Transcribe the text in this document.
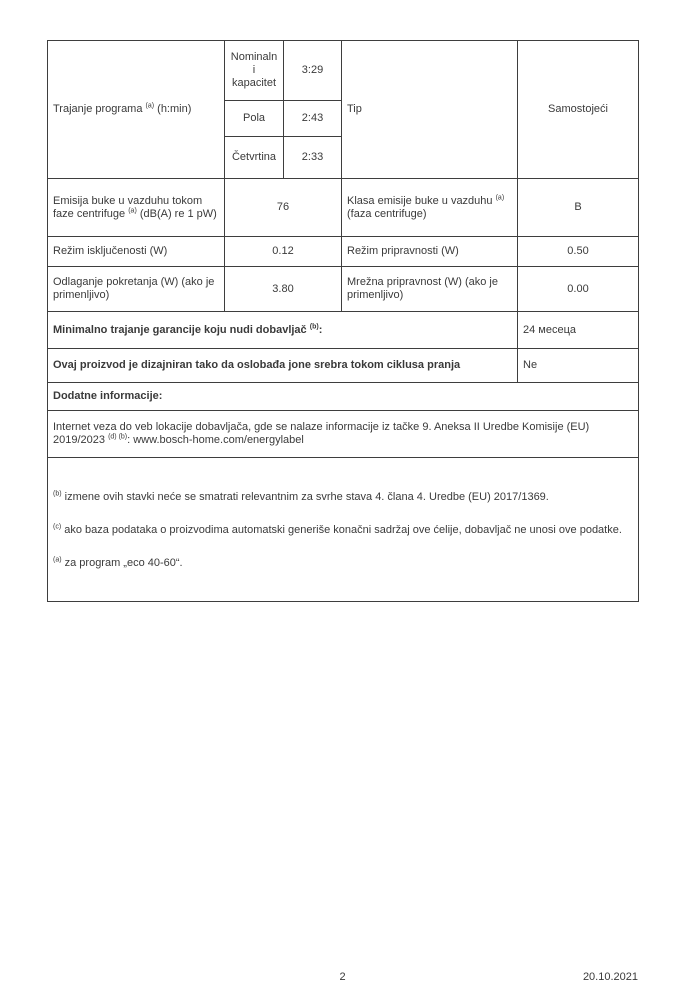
Trajanje programa $^{(a)}$ (h:min)	Nominalni kapacitet	3:29	Tip	Samostojeći
	Pola	2:43		
	Četvrtina	2:33		
Emisija buke u vazduhu tokom faze centrifuge $^{(a)}$ (dB(A) re 1 pW)	76		Klasa emisije buke u vazduhu $^{(a)}$ (faza centrifuge)	B
Režim isključenosti (W)	0.12		Režim pripravnosti (W)	0.50
Odlaganje pokretanja (W) (ako je primenljivo)	3.80		Mrežna pripravnost (W) (ako je primenljivo)	0.00
Minimalno trajanje garancije koju nudi dobavljač $^{(b)}$:				24 месеца
Ovaj proizvod je dizajniran tako da oslobađa jone srebra tokom ciklusa pranja				Ne
Dodatne informacije:				
Internet veza do veb lokacije dobavljača, gde se nalaze informacije iz tačke 9. Aneksa II Uredbe Komisije (EU) 2019/2023 $^{(d) (b)}$: www.bosch-home.com/energylabel				

$^{(b)}$ izmene ovih stavki neće se smatrati relevantnim za svrhe stava 4. člana 4. Uredbe (EU) 2017/1369.

$^{(c)}$ ako baza podataka o proizvodima automatski generiše konačni sadržaj ove ćelije, dobavljač ne unosi ove podatke.

$^{(a)}$ za program „eco 40-60“.				

2	20.10.2021
